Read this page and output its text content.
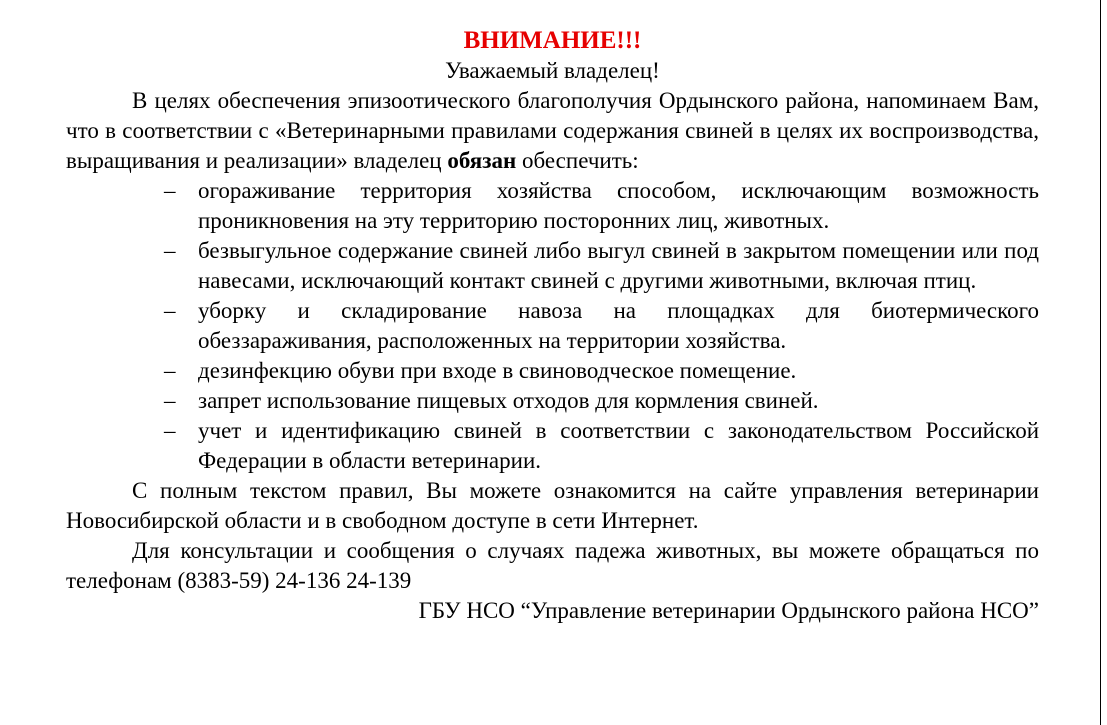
ВНИМАНИЕ!!!

Уважаемый владелец!

В целях обеспечения эпизоотического благополучия Ордынского района, напоминаем Вам, что в соответствии с «Ветеринарными правилами содержания свиней в целях их воспроизводства, выращивания и реализации» владелец обязан обеспечить:

– огораживание территория хозяйства способом, исключающим возможность проникновения на эту территорию посторонних лиц, животных.
– безвыгульное содержание свиней либо выгул свиней в закрытом помещении или под навесами, исключающий контакт свиней с другими животными, включая птиц.
– уборку и складирование навоза на площадках для биотермического обеззараживания, расположенных на территории хозяйства.
– дезинфекцию обуви при входе в свиноводческое помещение.
– запрет использование пищевых отходов для кормления свиней.
– учет и идентификацию свиней в соответствии с законодательством Российской Федерации в области ветеринарии.

С полным текстом правил, Вы можете ознакомится на сайте управления ветеринарии Новосибирской области и в свободном доступе в сети Интернет.

Для консультации и сообщения о случаях падежа животных, вы можете обращаться по телефонам (8383-59) 24-136 24-139

ГБУ НСО “Управление ветеринарии Ордынского района НСО”
